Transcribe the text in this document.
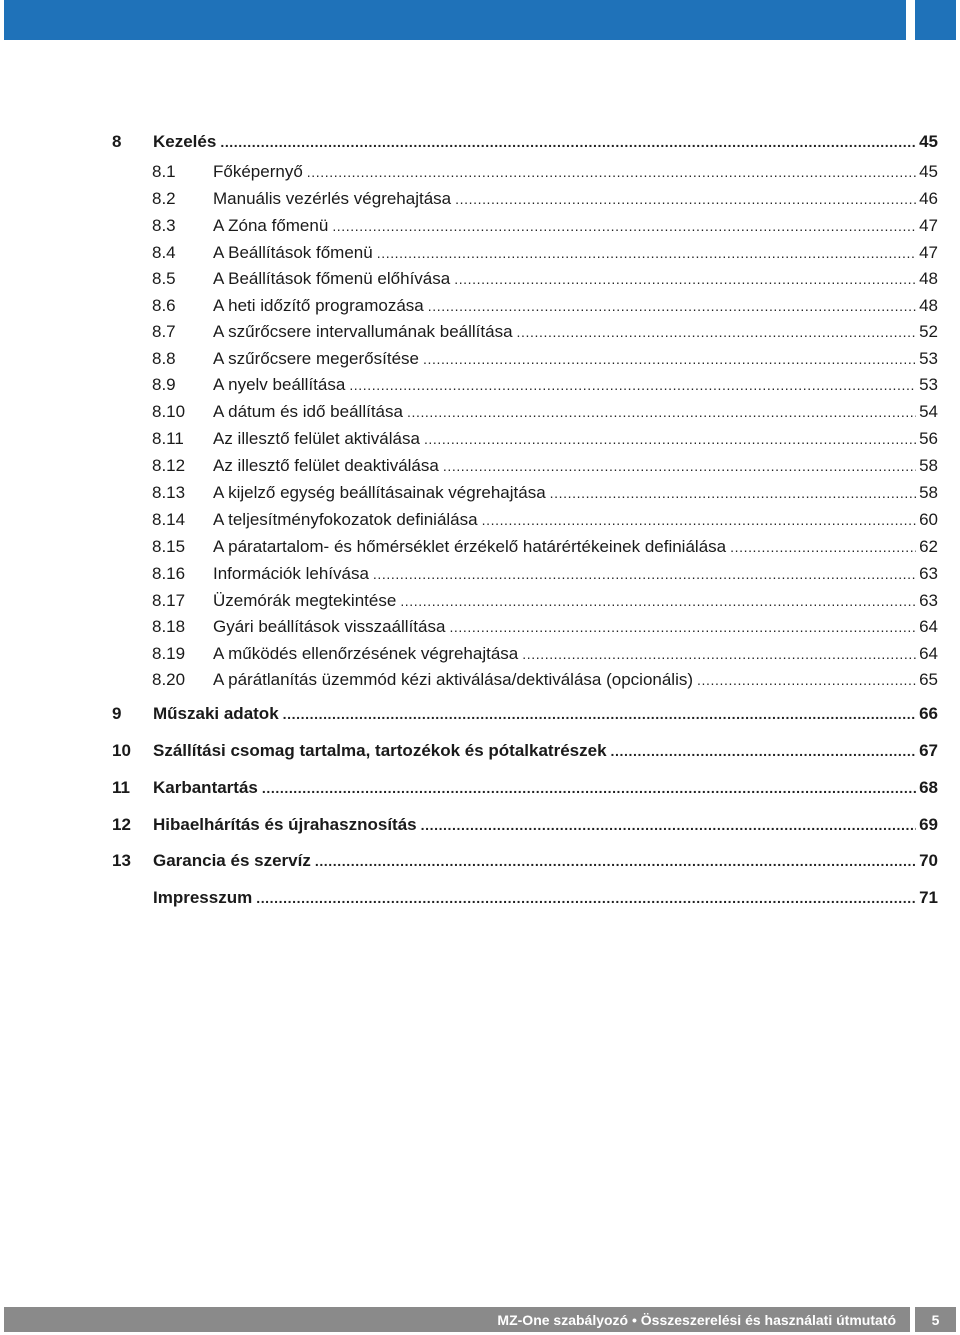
8 Kezelés .....	45
8.1 Főképernyő .....	45
8.2 Manuális vezérlés végrehajtása .....	46
8.3 A Zóna főmenü .....	47
8.4 A Beállítások főmenü .....	47
8.5 A Beállítások főmenü előhívása .....	48
8.6 A heti időzítő programozása .....	48
8.7 A szűrőcsere intervallumának beállítása .....	52
8.8 A szűrőcsere megerősítése .....	53
8.9 A nyelv beállítása .....	53
8.10 A dátum és idő beállítása .....	54
8.11 Az illesztő felület aktiválása .....	56
8.12 Az illesztő felület deaktiválása .....	58
8.13 A kijelző egység beállításainak végrehajtása .....	58
8.14 A teljesítményfokozatok definiálása .....	60
8.15 A páratartalom- és hőmérséklet érzékelő határértékeinek definiálása .....	62
8.16 Információk lehívása .....	63
8.17 Üzemórák megtekintése .....	63
8.18 Gyári beállítások visszaállítása .....	64
8.19 A működés ellenőrzésének végrehajtása .....	64
8.20 A párátlanítás üzemmód kézi aktiválása/dektiválása (opcionális) .....	65
9 Műszaki adatok .....	66
10 Szállítási csomag tartalma, tartozékok és pótalkatrészek .....	67
11 Karbantartás .....	68
12 Hibaelhárítás és újrahasznosítás .....	69
13 Garancia és szervíz .....	70
Impresszum .....	71
MZ-One szabályozó • Összeszerelési és használati útmutató	5
